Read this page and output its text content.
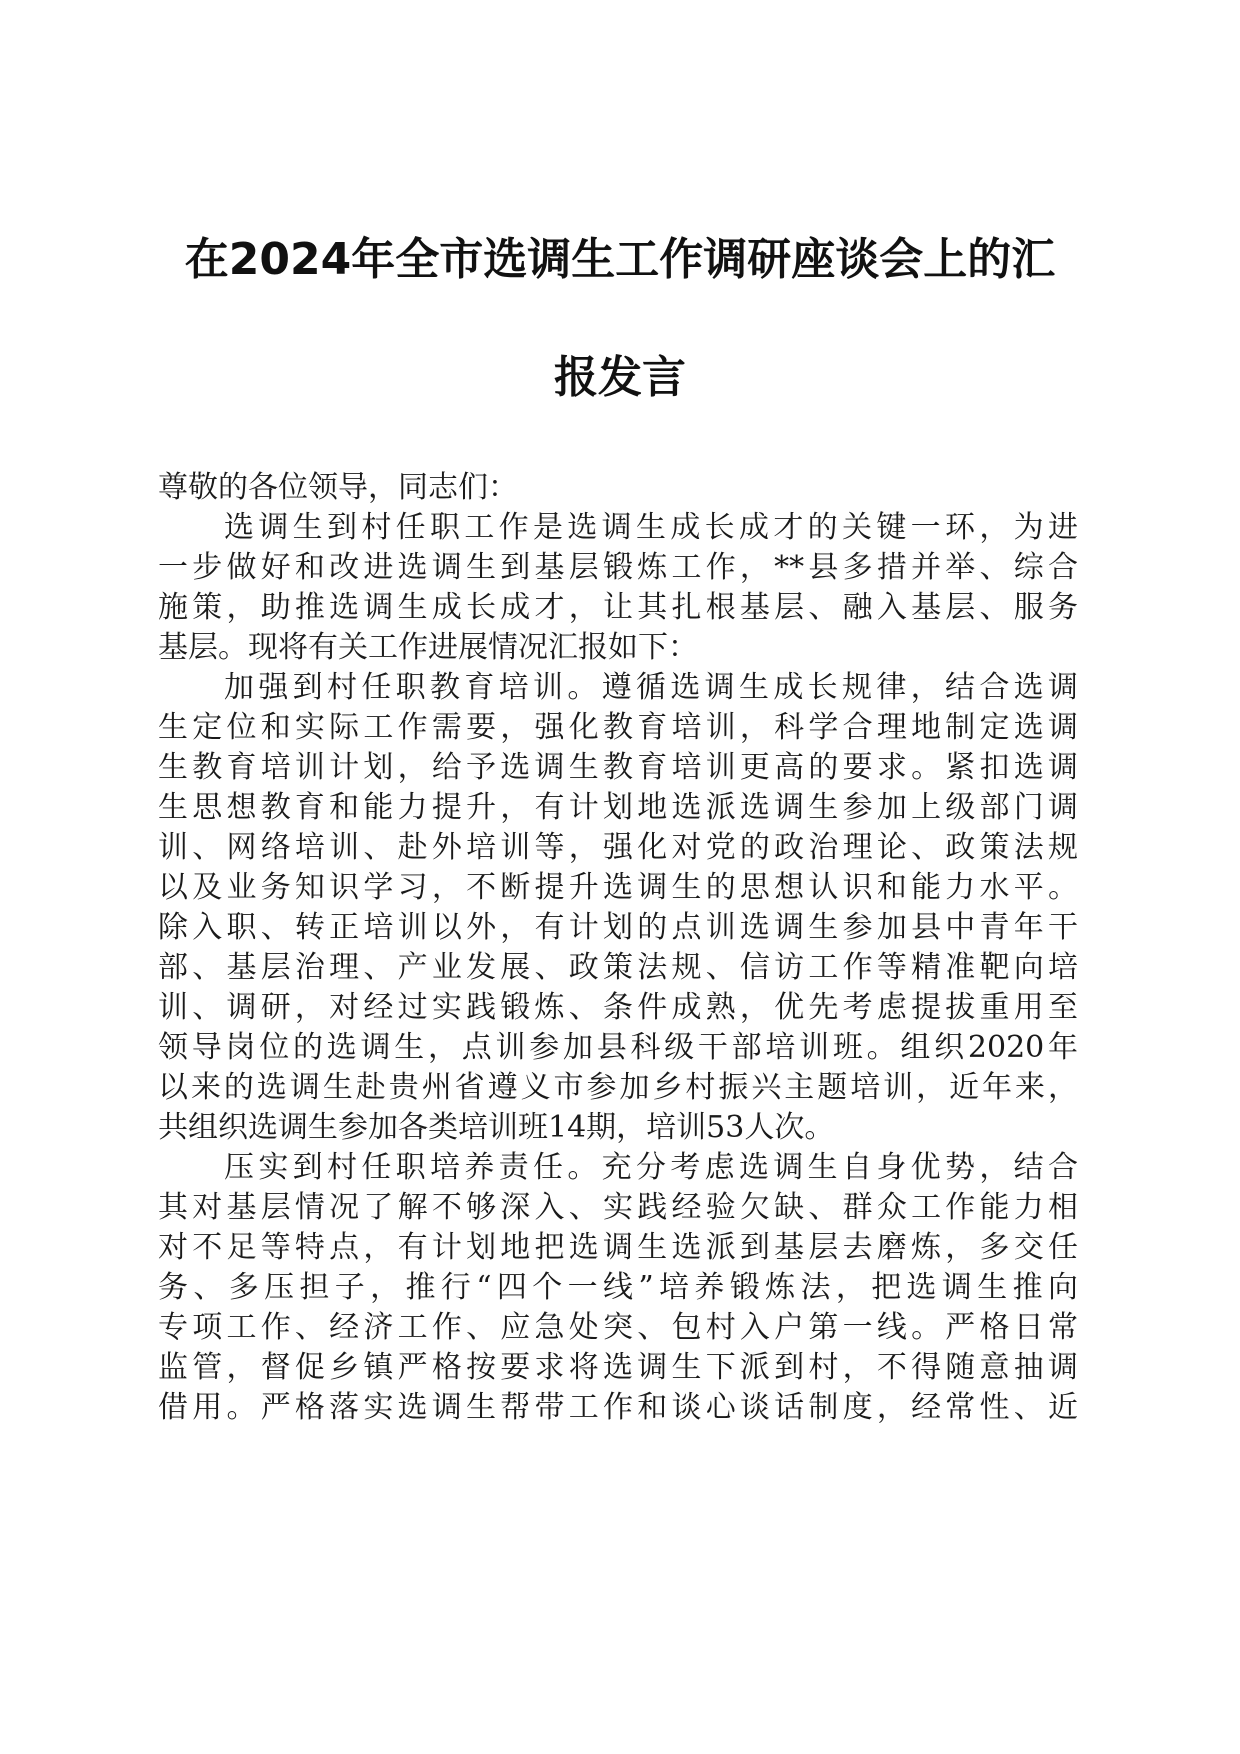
在2024年全市选调生工作调研座谈会上的汇
报发言
尊敬的各位领导，同志们：
选调生到村任职工作是选调生成长成才的关键一环，为进
一步做好和改进选调生到基层锻炼工作，**县多措并举、综合
施策，助推选调生成长成才，让其扎根基层、融入基层、服务
基层。现将有关工作进展情况汇报如下：
加强到村任职教育培训。遵循选调生成长规律，结合选调
生定位和实际工作需要，强化教育培训，科学合理地制定选调
生教育培训计划，给予选调生教育培训更高的要求。紧扣选调
生思想教育和能力提升，有计划地选派选调生参加上级部门调
训、网络培训、赴外培训等，强化对党的政治理论、政策法规
以及业务知识学习，不断提升选调生的思想认识和能力水平。
除入职、转正培训以外，有计划的点训选调生参加县中青年干
部、基层治理、产业发展、政策法规、信访工作等精准靶向培
训、调研，对经过实践锻炼、条件成熟，优先考虑提拔重用至
领导岗位的选调生，点训参加县科级干部培训班。组织2020年
以来的选调生赴贵州省遵义市参加乡村振兴主题培训，近年来，
共组织选调生参加各类培训班14期，培训53人次。
压实到村任职培养责任。充分考虑选调生自身优势，结合
其对基层情况了解不够深入、实践经验欠缺、群众工作能力相
对不足等特点，有计划地把选调生选派到基层去磨炼，多交任
务、多压担子，推行“四个一线”培养锻炼法，把选调生推向
专项工作、经济工作、应急处突、包村入户第一线。严格日常
监管，督促乡镇严格按要求将选调生下派到村，不得随意抽调
借用。严格落实选调生帮带工作和谈心谈话制度，经常性、近
